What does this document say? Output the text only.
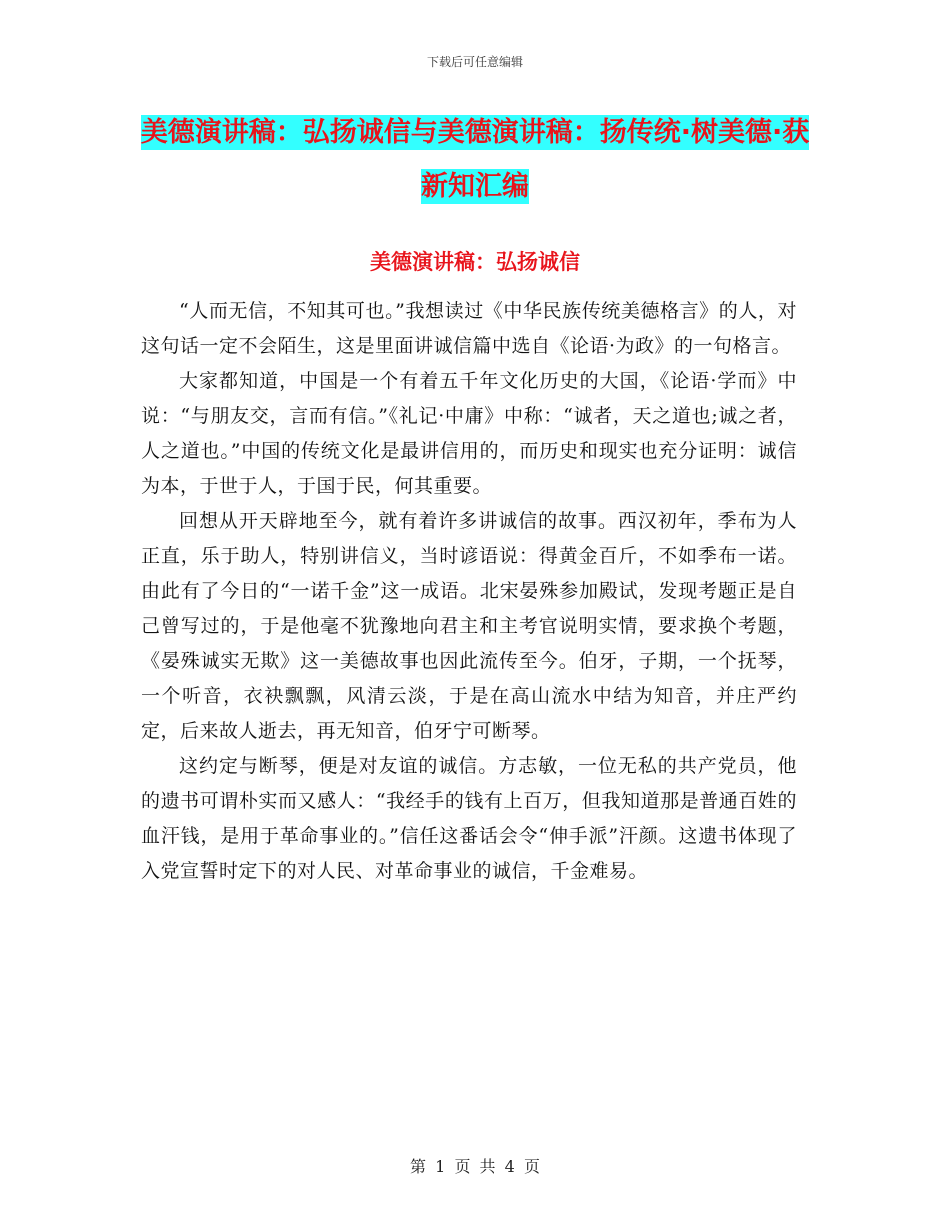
下载后可任意编辑
美德演讲稿：弘扬诚信与美德演讲稿：扬传统·树美德·获新知汇编
美德演讲稿：弘扬诚信

“人而无信，不知其可也。”我想读过《中华民族传统美德格言》的人，对这句话一定不会陌生，这是里面讲诚信篇中选自《论语·为政》的一句格言。

大家都知道，中国是一个有着五千年文化历史的大国，《论语·学而》中说：“与朋友交，言而有信。”《礼记·中庸》中称：“诚者，天之道也;诚之者，人之道也。”中国的传统文化是最讲信用的，而历史和现实也充分证明：诚信为本，于世于人，于国于民，何其重要。

回想从开天辟地至今，就有着许多讲诚信的故事。西汉初年，季布为人正直，乐于助人，特别讲信义，当时谚语说：得黄金百斤，不如季布一诺。由此有了今日的“一诺千金”这一成语。北宋晏殊参加殿试，发现考题正是自己曾写过的，于是他毫不犹豫地向君主和主考官说明实情，要求换个考题，《晏殊诚实无欺》这一美德故事也因此流传至今。伯牙，子期，一个抚琴，一个听音，衣袂飘飘，风清云淡，于是在高山流水中结为知音，并庄严约定，后来故人逝去，再无知音，伯牙宁可断琴。

这约定与断琴，便是对友谊的诚信。方志敏，一位无私的共产党员，他的遗书可谓朴实而又感人：“我经手的钱有上百万，但我知道那是普通百姓的血汗钱，是用于革命事业的。”信任这番话会令“伸手派”汗颜。这遗书体现了入党宣誓时定下的对人民、对革命事业的诚信，千金难易。

第 1 页 共 4 页
